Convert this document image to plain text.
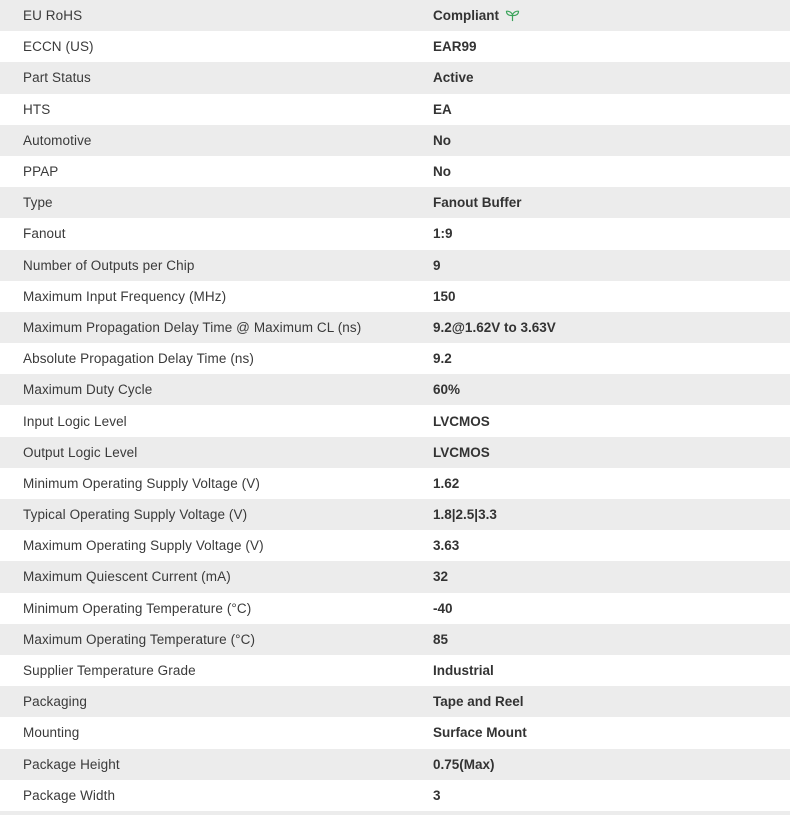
EU RoHS	Compliant
ECCN (US)	EAR99
Part Status	Active
HTS	EA
Automotive	No
PPAP	No
Type	Fanout Buffer
Fanout	1:9
Number of Outputs per Chip	9
Maximum Input Frequency (MHz)	150
Maximum Propagation Delay Time @ Maximum CL (ns)	9.2@1.62V to 3.63V
Absolute Propagation Delay Time (ns)	9.2
Maximum Duty Cycle	60%
Input Logic Level	LVCMOS
Output Logic Level	LVCMOS
Minimum Operating Supply Voltage (V)	1.62
Typical Operating Supply Voltage (V)	1.8|2.5|3.3
Maximum Operating Supply Voltage (V)	3.63
Maximum Quiescent Current (mA)	32
Minimum Operating Temperature (°C)	-40
Maximum Operating Temperature (°C)	85
Supplier Temperature Grade	Industrial
Packaging	Tape and Reel
Mounting	Surface Mount
Package Height	0.75(Max)
Package Width	3
